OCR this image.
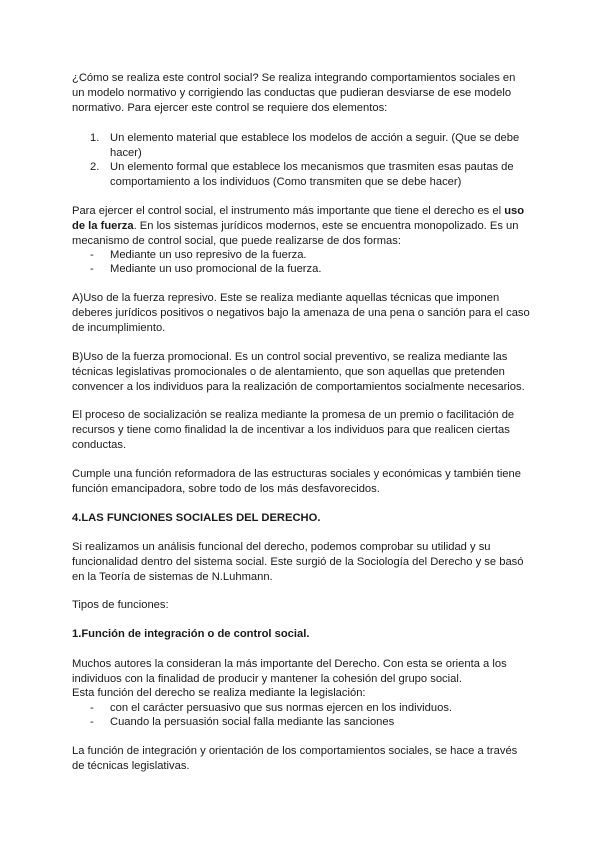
¿Cómo se realiza este control social? Se realiza integrando comportamientos sociales en un modelo normativo y corrigiendo las conductas que pudieran desviarse de ese modelo normativo. Para ejercer este control se requiere dos elementos:

1. Un elemento material que establece los modelos de acción a seguir. (Que se debe hacer)
2. Un elemento formal que establece los mecanismos que trasmiten esas pautas de comportamiento a los individuos (Como transmiten que se debe hacer)

Para ejercer el control social, el instrumento más importante que tiene el derecho es el uso de la fuerza. En los sistemas jurídicos modernos, este se encuentra monopolizado. Es un mecanismo de control social, que puede realizarse de dos formas:

- Mediante un uso represivo de la fuerza.
- Mediante un uso promocional de la fuerza.

A)Uso de la fuerza represivo. Este se realiza mediante aquellas técnicas que imponen deberes jurídicos positivos o negativos bajo la amenaza de una pena o sanción para el caso de incumplimiento.

B)Uso de la fuerza promocional. Es un control social preventivo, se realiza mediante las técnicas legislativas promocionales o de alentamiento, que son aquellas que pretenden convencer a los individuos para la realización de comportamientos socialmente necesarios.

El proceso de socialización se realiza mediante la promesa de un premio o facilitación de recursos y tiene como finalidad la de incentivar a los individuos para que realicen ciertas conductas.

Cumple una función reformadora de las estructuras sociales y económicas y también tiene función emancipadora, sobre todo de los más desfavorecidos.

4.LAS FUNCIONES SOCIALES DEL DERECHO.

Si realizamos un análisis funcional del derecho, podemos comprobar su utilidad y su funcionalidad dentro del sistema social. Este surgió de la Sociología del Derecho y se basó en la Teoría de sistemas de N.Luhmann.

Tipos de funciones:

1.Función de integración o de control social.

Muchos autores la consideran la más importante del Derecho. Con esta se orienta a los individuos con la finalidad de producir y mantener la cohesión del grupo social.

Esta función del derecho se realiza mediante la legislación:

- con el carácter persuasivo que sus normas ejercen en los individuos.
- Cuando la persuasión social falla mediante las sanciones

La función de integración y orientación de los comportamientos sociales, se hace a través de técnicas legislativas.
